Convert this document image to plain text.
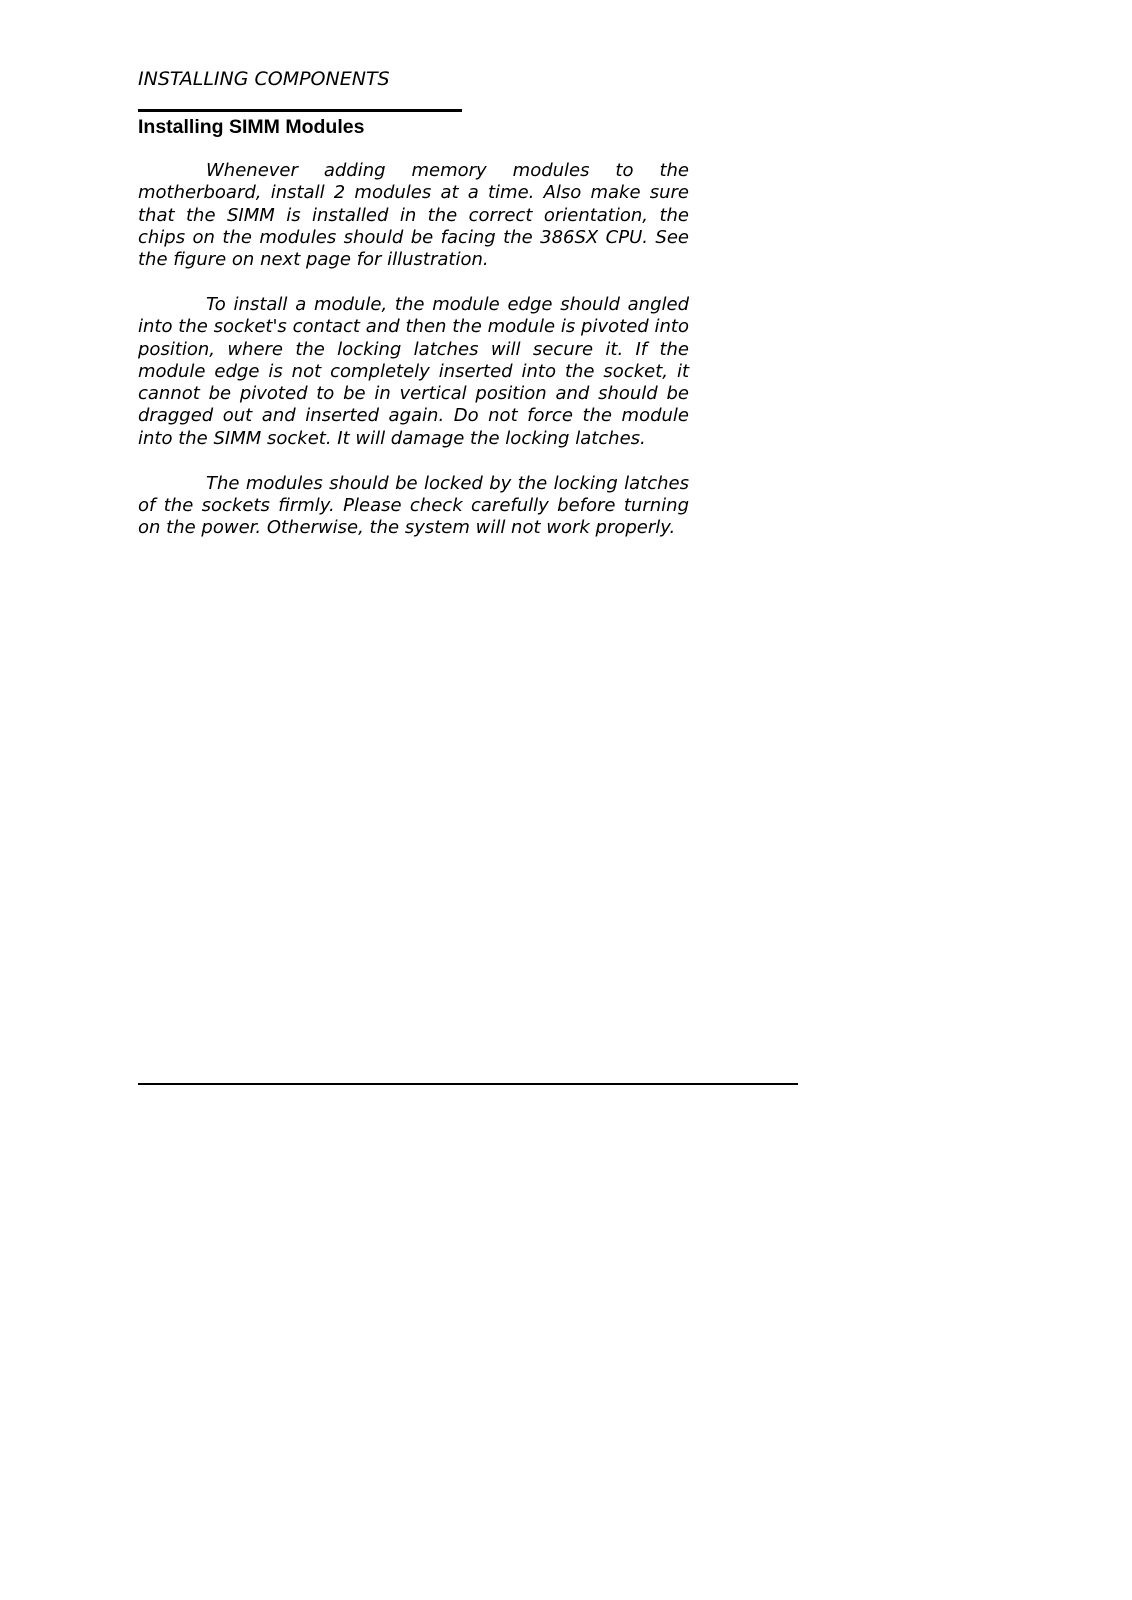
INSTALLING COMPONENTS
Installing SIMM Modules

Whenever adding memory modules to the motherboard, install 2 modules at a time. Also make sure that the SIMM is installed in the correct orientation, the chips on the modules should be facing the 386SX CPU. See the figure on next page for illustration.

To install a module, the module edge should angled into the socket's contact and then the module is pivoted into position, where the locking latches will secure it. If the module edge is not completely inserted into the socket, it cannot be pivoted to be in vertical position and should be dragged out and inserted again. Do not force the module into the SIMM socket. It will damage the locking latches.

The modules should be locked by the locking latches of the sockets firmly. Please check carefully before turning on the power. Otherwise, the system will not work properly.
